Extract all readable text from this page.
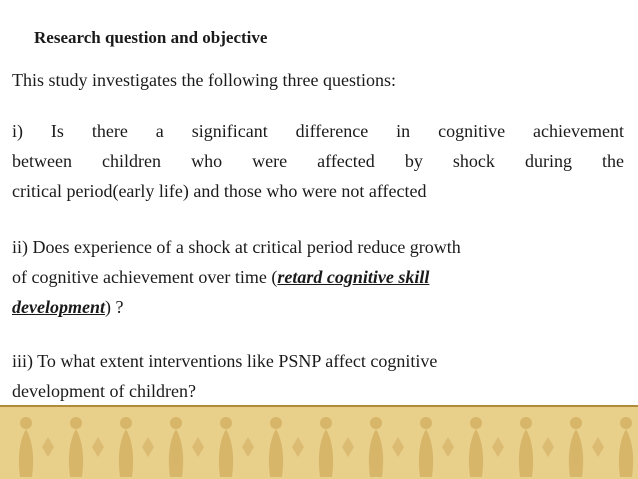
Research question and objective
This study investigates the following three questions:
i) Is there a significant difference in cognitive achievement
between children who were affected by shock during the
critical period(early life) and those who were not affected
ii) Does experience of a shock at critical period reduce growth
of cognitive achievement over time (retard cognitive skill
development) ?
iii) To what extent interventions like PSNP affect cognitive
development of children?
